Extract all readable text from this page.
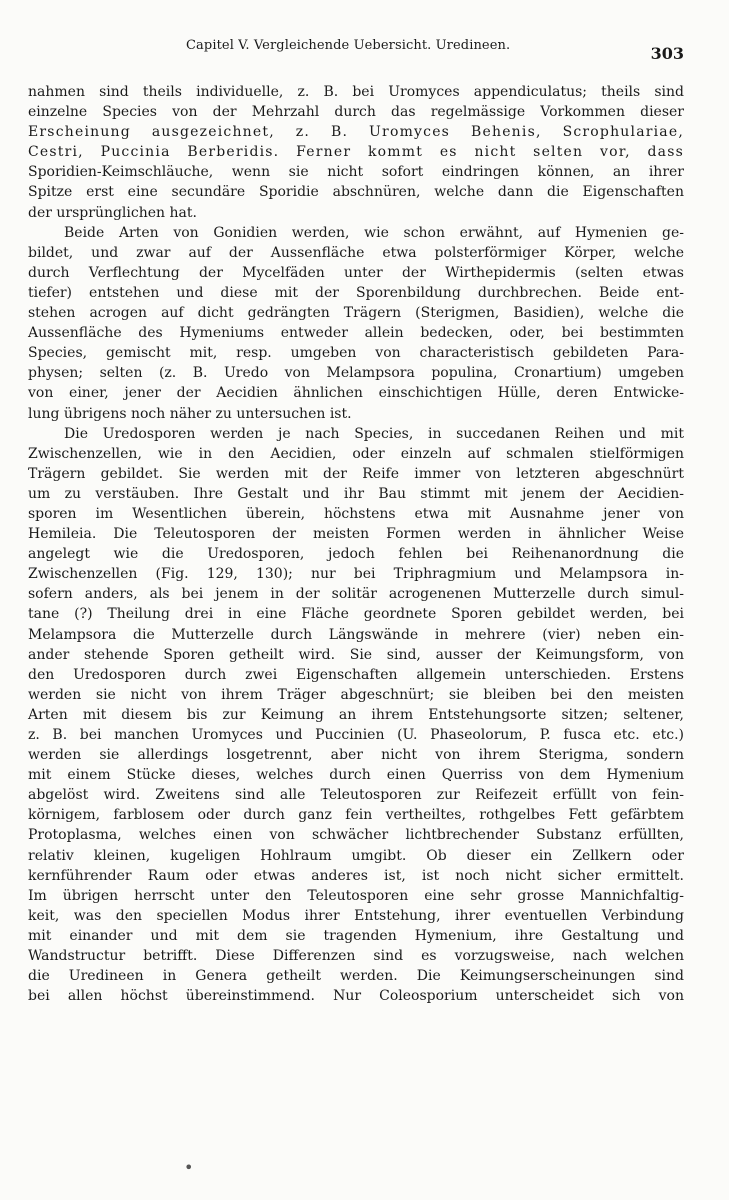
Capitel V. Vergleichende Uebersicht. Uredineen.	303
nahmen sind theils individuelle, z. B. bei Uromyces appendiculatus; theils sind
einzelne Species von der Mehrzahl durch das regelmässige Vorkommen dieser
Erscheinung ausgezeichnet, z. B. Uromyces Behenis, Scrophulariae,
Cestri, Puccinia Berberidis. Ferner kommt es nicht selten vor, dass
Sporidien-Keimschläuche, wenn sie nicht sofort eindringen können, an ihrer
Spitze erst eine secundäre Sporidie abschnüren, welche dann die Eigenschaften
der ursprünglichen hat.
Beide Arten von Gonidien werden, wie schon erwähnt, auf Hymenien ge-
bildet, und zwar auf der Aussenfläche etwa polsterförmiger Körper, welche
durch Verflechtung der Mycelfäden unter der Wirthepidermis (selten etwas
tiefer) entstehen und diese mit der Sporenbildung durchbrechen. Beide ent-
stehen acrogen auf dicht gedrängten Trägern (Sterigmen, Basidien), welche die
Aussenfläche des Hymeniums entweder allein bedecken, oder, bei bestimmten
Species, gemischt mit, resp. umgeben von characteristisch gebildeten Para-
physen; selten (z. B. Uredo von Melampsora populina, Cronartium) umgeben
von einer, jener der Aecidien ähnlichen einschichtigen Hülle, deren Entwicke-
lung übrigens noch näher zu untersuchen ist.
Die Uredosporen werden je nach Species, in succedanen Reihen und mit
Zwischenzellen, wie in den Aecidien, oder einzeln auf schmalen stielförmigen
Trägern gebildet. Sie werden mit der Reife immer von letzteren abgeschnürt
um zu verstäuben. Ihre Gestalt und ihr Bau stimmt mit jenem der Aecidien-
sporen im Wesentlichen überein, höchstens etwa mit Ausnahme jener von
Hemileia. Die Teleutosporen der meisten Formen werden in ähnlicher Weise
angelegt wie die Uredosporen, jedoch fehlen bei Reihenanordnung die
Zwischenzellen (Fig. 129, 130); nur bei Triphragmium und Melampsora in-
sofern anders, als bei jenem in der solitär acrogenenen Mutterzelle durch simul-
tane (?) Theilung drei in eine Fläche geordnete Sporen gebildet werden, bei
Melampsora die Mutterzelle durch Längswände in mehrere (vier) neben ein-
ander stehende Sporen getheilt wird. Sie sind, ausser der Keimungsform, von
den Uredosporen durch zwei Eigenschaften allgemein unterschieden. Erstens
werden sie nicht von ihrem Träger abgeschnürt; sie bleiben bei den meisten
Arten mit diesem bis zur Keimung an ihrem Entstehungsorte sitzen; seltener,
z. B. bei manchen Uromyces und Puccinien (U. Phaseolorum, P. fusca etc. etc.)
werden sie allerdings losgetrennt, aber nicht von ihrem Sterigma, sondern
mit einem Stücke dieses, welches durch einen Querriss von dem Hymenium
abgelöst wird. Zweitens sind alle Teleutosporen zur Reifezeit erfüllt von fein-
körnigem, farblosem oder durch ganz fein vertheiltes, rothgelbes Fett gefärbtem
Protoplasma, welches einen von schwächer lichtbrechender Substanz erfüllten,
relativ kleinen, kugeligen Hohlraum umgibt. Ob dieser ein Zellkern oder
kernführender Raum oder etwas anderes ist, ist noch nicht sicher ermittelt.
Im übrigen herrscht unter den Teleutosporen eine sehr grosse Mannichfaltig-
keit, was den speciellen Modus ihrer Entstehung, ihrer eventuellen Verbindung
mit einander und mit dem sie tragenden Hymenium, ihre Gestaltung und
Wandstructur betrifft. Diese Differenzen sind es vorzugsweise, nach welchen
die Uredineen in Genera getheilt werden. Die Keimungserscheinungen sind
bei allen höchst übereinstimmend. Nur Coleosporium unterscheidet sich von
•
